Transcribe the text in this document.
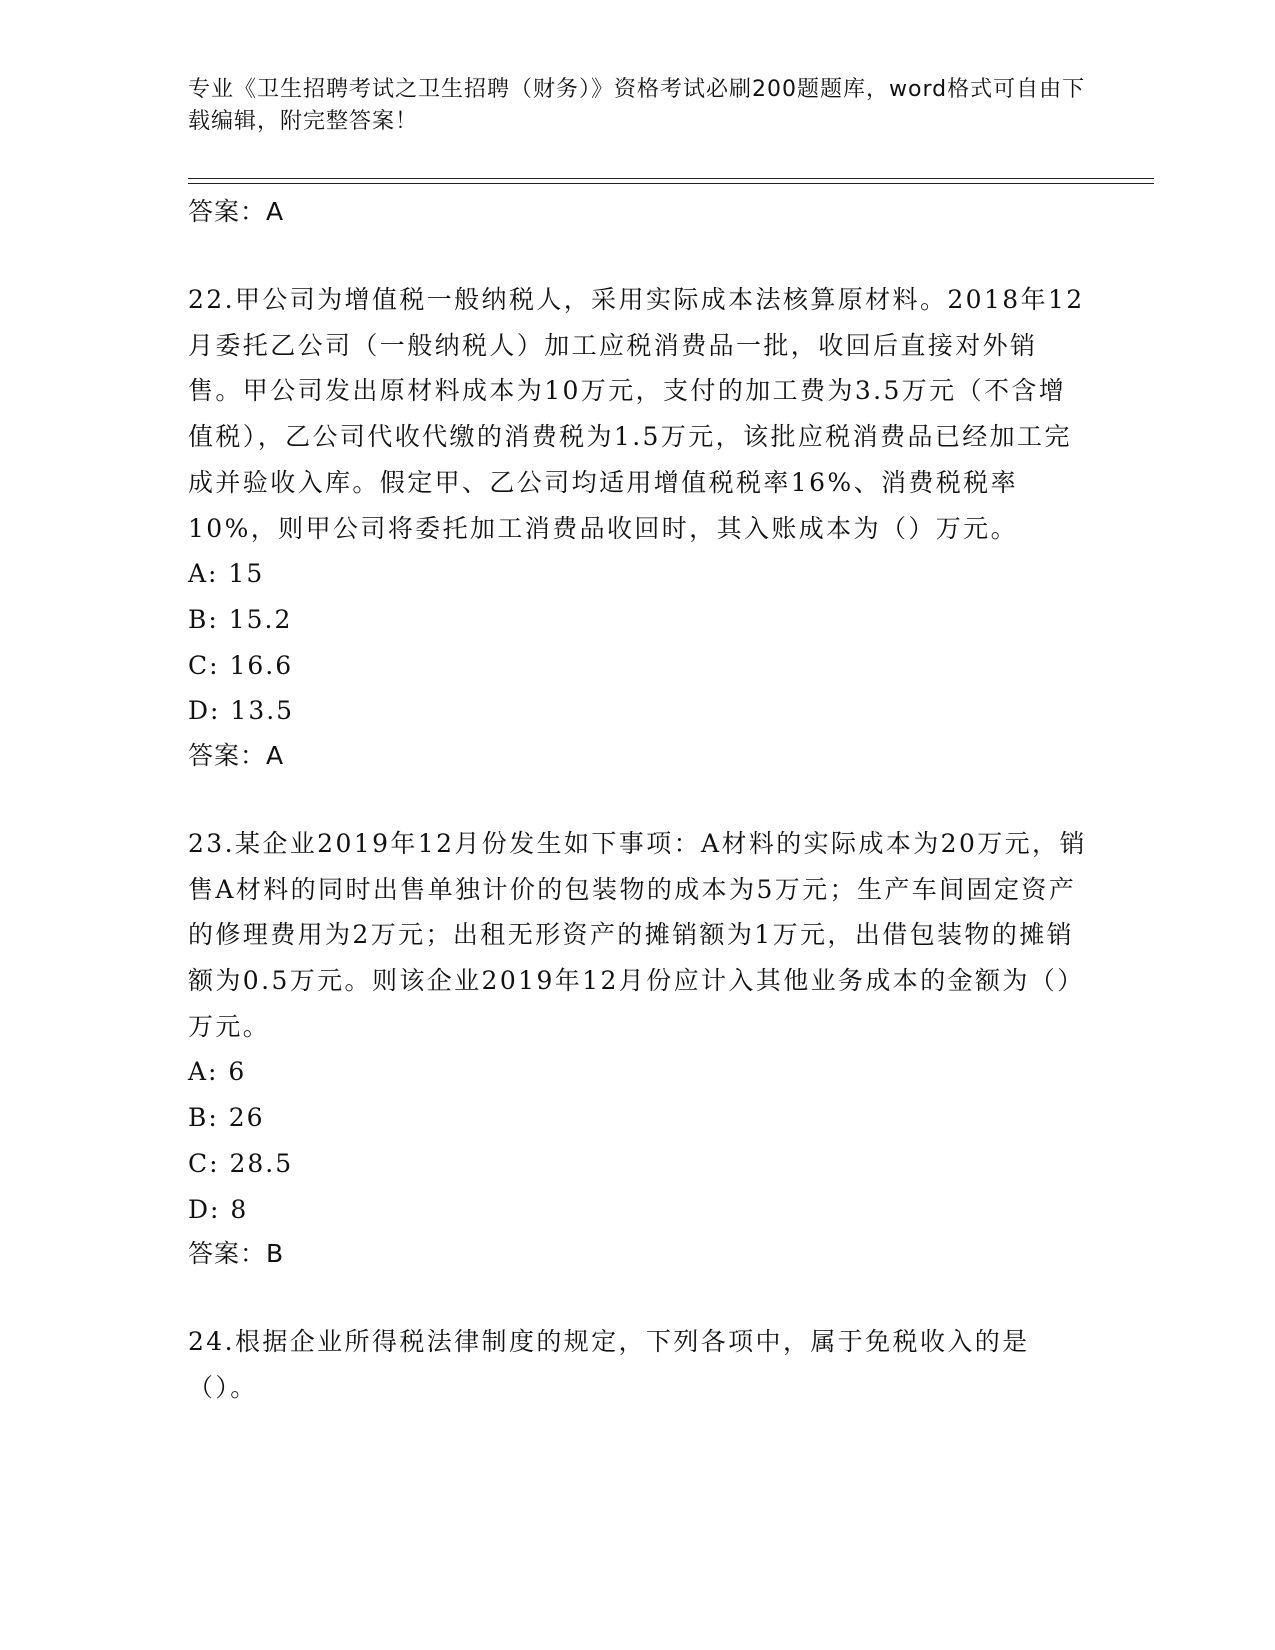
专业《卫生招聘考试之卫生招聘（财务）》资格考试必刷200题题库，word格式可自由下载编辑，附完整答案！
答案：A

22.甲公司为增值税一般纳税人，采用实际成本法核算原材料。2018年12月委托乙公司（一般纳税人）加工应税消费品一批，收回后直接对外销售。甲公司发出原材料成本为10万元，支付的加工费为3.5万元（不含增值税），乙公司代收代缴的消费税为1.5万元，该批应税消费品已经加工完成并验收入库。假定甲、乙公司均适用增值税税率16%、消费税税率10%，则甲公司将委托加工消费品收回时，其入账成本为（）万元。

A: 15
B: 15.2
C: 16.6
D: 13.5
答案：A

23.某企业2019年12月份发生如下事项：A材料的实际成本为20万元，销售A材料的同时出售单独计价的包装物的成本为5万元；生产车间固定资产的修理费用为2万元；出租无形资产的摊销额为1万元，出借包装物的摊销额为0.5万元。则该企业2019年12月份应计入其他业务成本的金额为（）万元。

A: 6
B: 26
C: 28.5
D: 8
答案：B

24.根据企业所得税法律制度的规定，下列各项中，属于免税收入的是（）。
